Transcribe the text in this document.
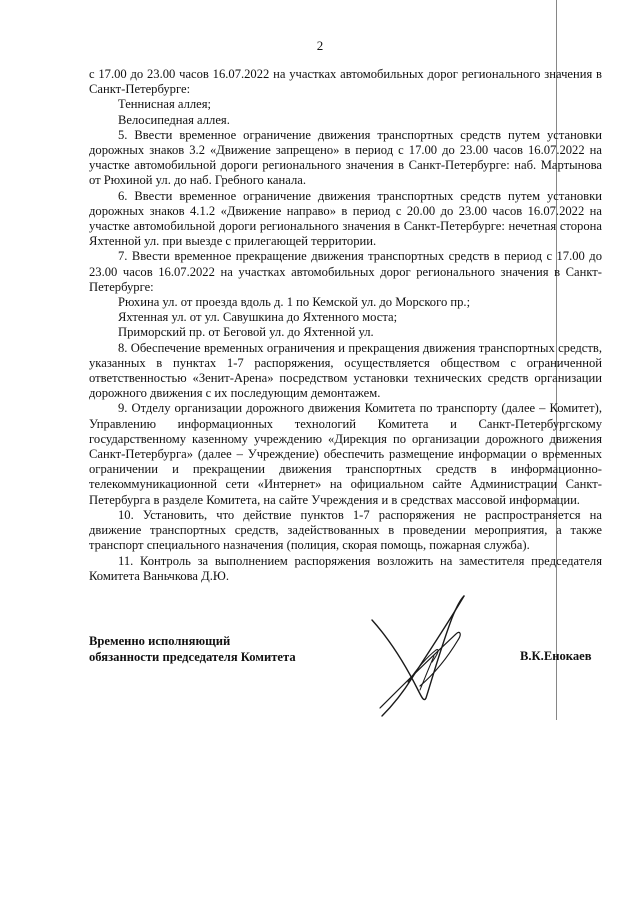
2

с 17.00 до 23.00 часов 16.07.2022 на участках автомобильных дорог регионального значения в Санкт-Петербурге:

Теннисная аллея;

Велосипедная аллея.

5. Ввести временное ограничение движения транспортных средств путем установки дорожных знаков 3.2 «Движение запрещено» в период с 17.00 до 23.00 часов 16.07.2022 на участке автомобильной дороги регионального значения в Санкт-Петербурге: наб. Мартынова от Рюхиной ул. до наб. Гребного канала.

6. Ввести временное ограничение движения транспортных средств путем установки дорожных знаков 4.1.2 «Движение направо» в период с 20.00 до 23.00 часов 16.07.2022 на участке автомобильной дороги регионального значения в Санкт-Петербурге: нечетная сторона Яхтенной ул. при выезде с прилегающей территории.

7. Ввести временное прекращение движения транспортных средств в период с 17.00 до 23.00 часов 16.07.2022 на участках автомобильных дорог регионального значения в Санкт-Петербурге:

Рюхина ул. от проезда вдоль д. 1 по Кемской ул. до Морского пр.;

Яхтенная ул. от ул. Савушкина до Яхтенного моста;

Приморский пр. от Беговой ул. до Яхтенной ул.

8. Обеспечение временных ограничения и прекращения движения транспортных средств, указанных в пунктах 1-7 распоряжения, осуществляется обществом с ограниченной ответственностью «Зенит-Арена» посредством установки технических средств организации дорожного движения с их последующим демонтажем.

9. Отделу организации дорожного движения Комитета по транспорту (далее – Комитет), Управлению информационных технологий Комитета и Санкт-Петербургскому государственному казенному учреждению «Дирекция по организации дорожного движения Санкт-Петербурга» (далее – Учреждение) обеспечить размещение информации о временных ограничении и прекращении движения транспортных средств в информационно-телекоммуникационной сети «Интернет» на официальном сайте Администрации Санкт-Петербурга в разделе Комитета, на сайте Учреждения и в средствах массовой информации.

10. Установить, что действие пунктов 1-7 распоряжения не распространяется на движение транспортных средств, задействованных в проведении мероприятия, а также транспорт специального назначения (полиция, скорая помощь, пожарная служба).

11. Контроль за выполнением распоряжения возложить на заместителя председателя Комитета Ваньчкова Д.Ю.

Временно исполняющий
обязанности председателя Комитета	В.К.Енокаев
